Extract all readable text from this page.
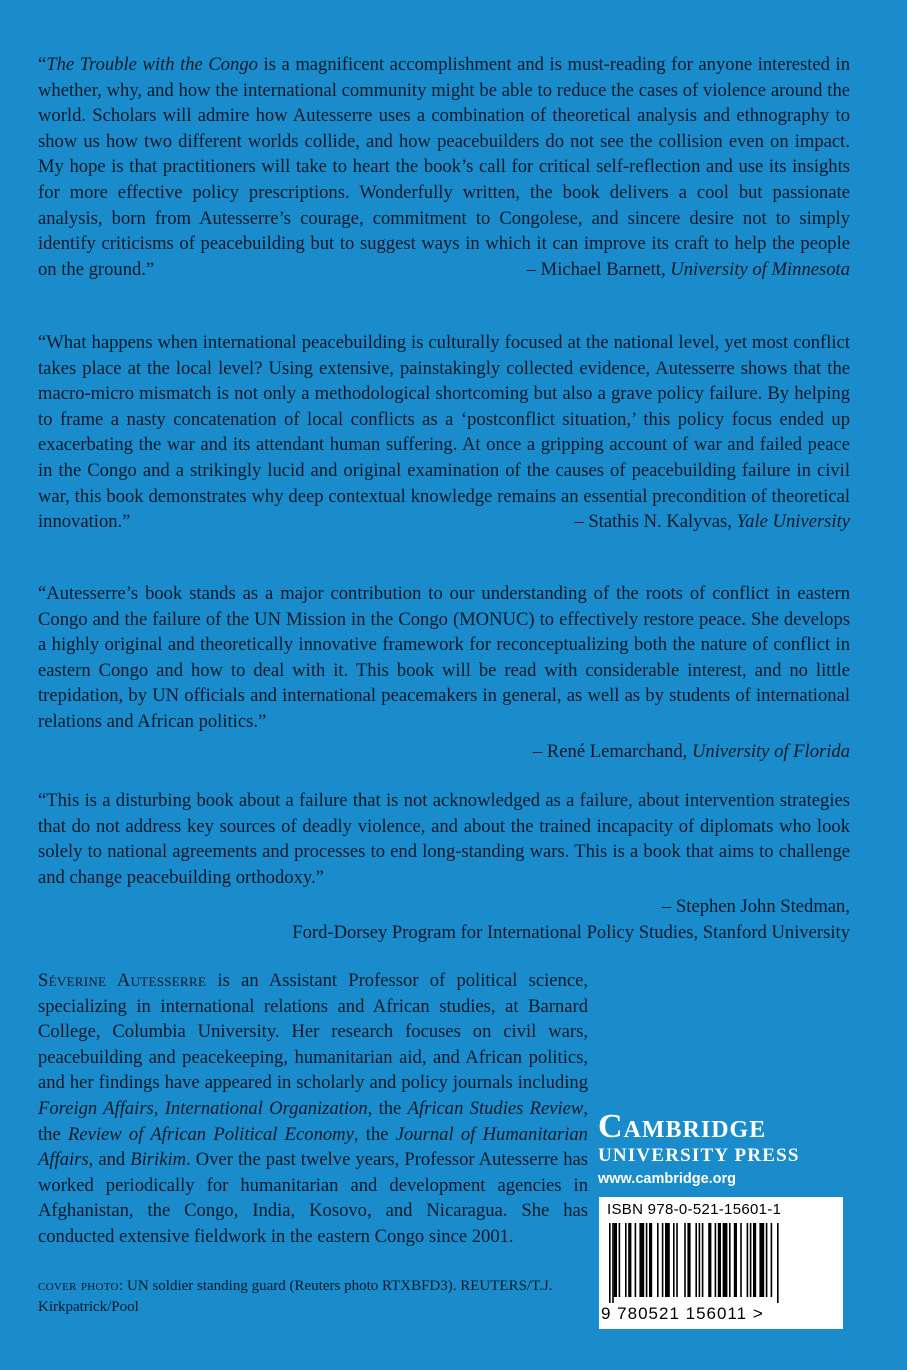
“The Trouble with the Congo is a magnificent accomplishment and is must-reading for anyone interested in whether, why, and how the international community might be able to reduce the cases of violence around the world. Scholars will admire how Autesserre uses a combination of theoretical analysis and ethnography to show us how two different worlds collide, and how peacebuilders do not see the collision even on impact. My hope is that practitioners will take to heart the book’s call for critical self-reflection and use its insights for more effective policy prescriptions. Wonderfully written, the book delivers a cool but passionate analysis, born from Autesserre’s courage, commitment to Congolese, and sincere desire not to simply identify criticisms of peacebuilding but to suggest ways in which it can improve its craft to help the people on the ground.”	– Michael Barnett, University of Minnesota
“What happens when international peacebuilding is culturally focused at the national level, yet most conflict takes place at the local level? Using extensive, painstakingly collected evidence, Autesserre shows that the macro-micro mismatch is not only a methodological shortcoming but also a grave policy failure. By helping to frame a nasty concatenation of local conflicts as a ‘postconflict situation,’ this policy focus ended up exacerbating the war and its attendant human suffering. At once a gripping account of war and failed peace in the Congo and a strikingly lucid and original examination of the causes of peacebuilding failure in civil war, this book demonstrates why deep contextual knowledge remains an essential precondition of theoretical innovation.”	– Stathis N. Kalyvas, Yale University
“Autesserre’s book stands as a major contribution to our understanding of the roots of conflict in eastern Congo and the failure of the UN Mission in the Congo (MONUC) to effectively restore peace. She develops a highly original and theoretically innovative framework for reconceptualizing both the nature of conflict in eastern Congo and how to deal with it. This book will be read with considerable interest, and no little trepidation, by UN officials and international peacemakers in general, as well as by students of international relations and African politics.”
– René Lemarchand, University of Florida
“This is a disturbing book about a failure that is not acknowledged as a failure, about intervention strategies that do not address key sources of deadly violence, and about the trained incapacity of diplomats who look solely to national agreements and processes to end long-standing wars. This is a book that aims to challenge and change peacebuilding orthodoxy.”
– Stephen John Stedman,
Ford-Dorsey Program for International Policy Studies, Stanford University
Séverine Autesserre is an Assistant Professor of political science, specializing in international relations and African studies, at Barnard College, Columbia University. Her research focuses on civil wars, peacebuilding and peacekeeping, humanitarian aid, and African politics, and her findings have appeared in scholarly and policy journals including Foreign Affairs, International Organization, the African Studies Review, the Review of African Political Economy, the Journal of Humanitarian Affairs, and Birikim. Over the past twelve years, Professor Autesserre has worked periodically for humanitarian and development agencies in Afghanistan, the Congo, India, Kosovo, and Nicaragua. She has conducted extensive fieldwork in the eastern Congo since 2001.
cover photo: UN soldier standing guard (Reuters photo RTXBFD3). REUTERS/T.J. Kirkpatrick/Pool
Cambridge
UNIVERSITY PRESS
www.cambridge.org
ISBN 978-0-521-15601-1
9 780521 156011 >
